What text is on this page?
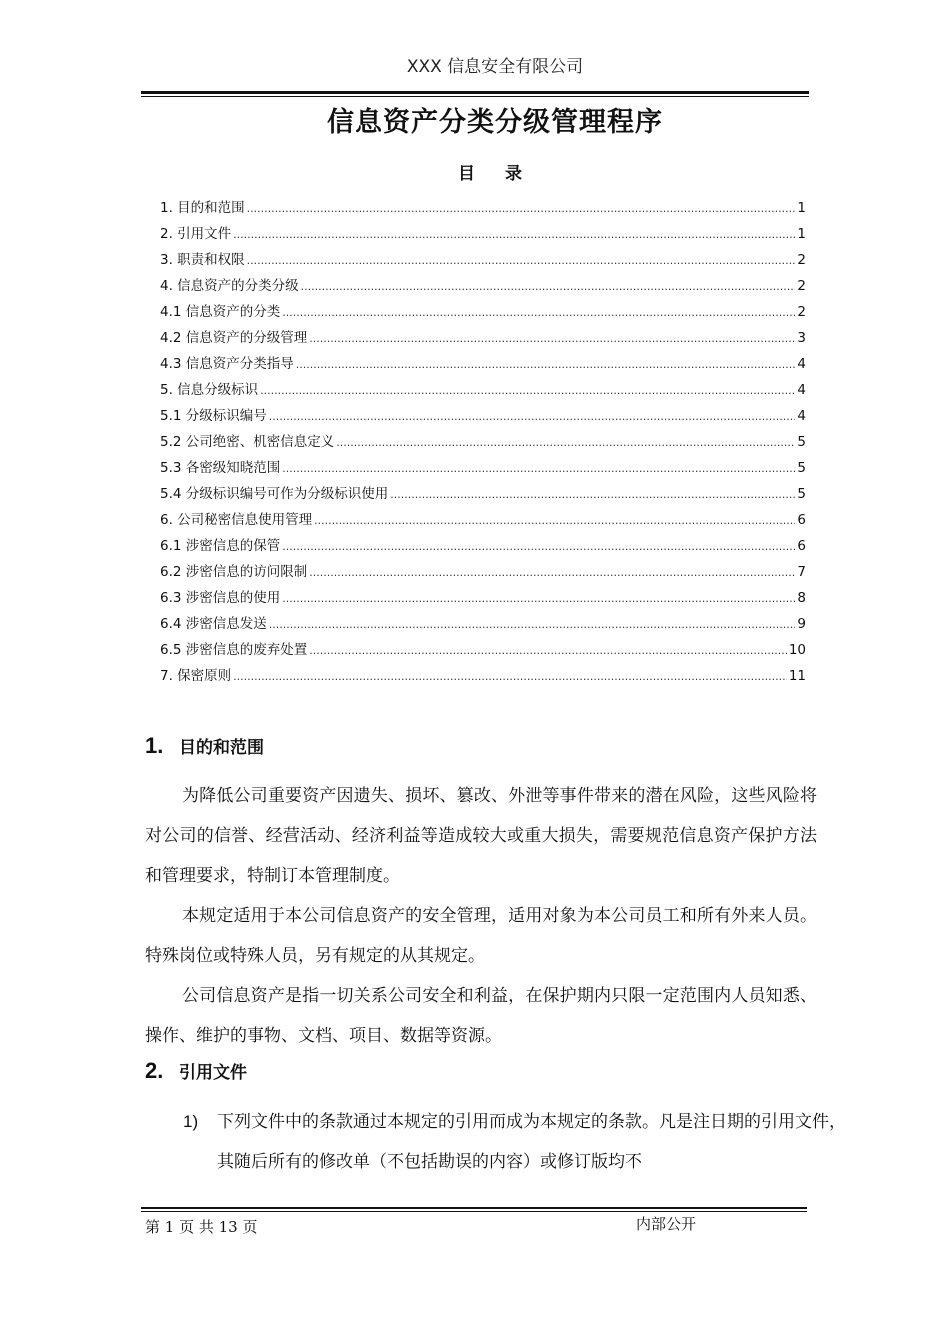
XXX 信息安全有限公司
信息资产分类分级管理程序
目录
1. 目的和范围 .....	1
2. 引用文件 .....	1
3. 职责和权限 .....	2
4. 信息资产的分类分级 .....	2
4.1 信息资产的分类 .....	2
4.2 信息资产的分级管理 .....	3
4.3 信息资产分类指导 .....	4
5. 信息分级标识 .....	4
5.1 分级标识编号 .....	4
5.2 公司绝密、机密信息定义 .....	5
5.3 各密级知晓范围 .....	5
5.4 分级标识编号可作为分级标识使用 .....	5
6. 公司秘密信息使用管理 .....	6
6.1 涉密信息的保管 .....	6
6.2 涉密信息的访问限制 .....	7
6.3 涉密信息的使用 .....	8
6.4 涉密信息发送 .....	9
6.5 涉密信息的废弃处置 .....	10
7. 保密原则 .....	11
1. 目的和范围
为降低公司重要资产因遗失、损坏、篡改、外泄等事件带来的潜在风险，这些风险将对公司的信誉、经营活动、经济利益等造成较大或重大损失，需要规范信息资产保护方法和管理要求，特制订本管理制度。
本规定适用于本公司信息资产的安全管理，适用对象为本公司员工和所有外来人员。特殊岗位或特殊人员，另有规定的从其规定。
公司信息资产是指一切关系公司安全和利益，在保护期内只限一定范围内人员知悉、操作、维护的事物、文档、项目、数据等资源。
2. 引用文件
1) 下列文件中的条款通过本规定的引用而成为本规定的条款。凡是注日期的引用文件，其随后所有的修改单（不包括勘误的内容）或修订版均不
第 1 页 共 13 页	内部公开
